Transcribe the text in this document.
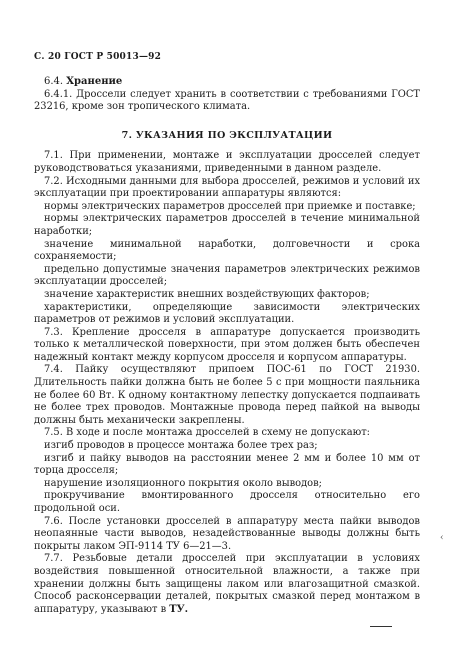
С. 20 ГОСТ Р 50013—92

6.4. Хранение

6.4.1. Дроссели следует хранить в соответствии с требованиями ГОСТ 23216, кроме зон тропического климата.

7. УКАЗАНИЯ ПО ЭКСПЛУАТАЦИИ

7.1. При применении, монтаже и эксплуатации дросселей следует руководствоваться указаниями, приведенными в данном разделе.

7.2. Исходными данными для выбора дросселей, режимов и условий их эксплуатации при проектировании аппаратуры являются:

нормы электрических параметров дросселей при приемке и поставке;

нормы электрических параметров дросселей в течение минимальной наработки;

значение минимальной наработки, долговечности и срока сохраняемости;

предельно допустимые значения параметров электрических режимов эксплуатации дросселей;

значение характеристик внешних воздействующих факторов;

характеристики, определяющие зависимости электрических параметров от режимов и условий эксплуатации.

7.3. Крепление дросселя в аппаратуре допускается производить только к металлической поверхности, при этом должен быть обеспечен надежный контакт между корпусом дросселя и корпусом аппаратуры.

7.4. Пайку осуществляют припоем ПОС-61 по ГОСТ 21930. Длительность пайки должна быть не более 5 с при мощности паяльника не более 60 Вт. К одному контактному лепестку допускается подпаивать не более трех проводов. Монтажные провода перед пайкой на выводы должны быть механически закреплены.

7.5. В ходе и после монтажа дросселей в схему не допускают:

изгиб проводов в процессе монтажа более трех раз;

изгиб и пайку выводов на расстоянии менее 2 мм и более 10 мм от торца дросселя;

нарушение изоляционного покрытия около выводов;

прокручивание вмонтированного дросселя относительно его продольной оси.

7.6. После установки дросселей в аппаратуру места пайки выводов неопаянные части выводов, незадействованные выводы должны быть покрыты лаком ЭП-9114 ТУ 6—21—3.

7.7. Резьбовые детали дросселей при эксплуатации в условиях воздействия повышенной относительной влажности, а также при хранении должны быть защищены лаком или влагозащитной смазкой. Способ расконсервации деталей, покрытых смазкой перед монтажом в аппаратуру, указывают в ТУ.

‹
